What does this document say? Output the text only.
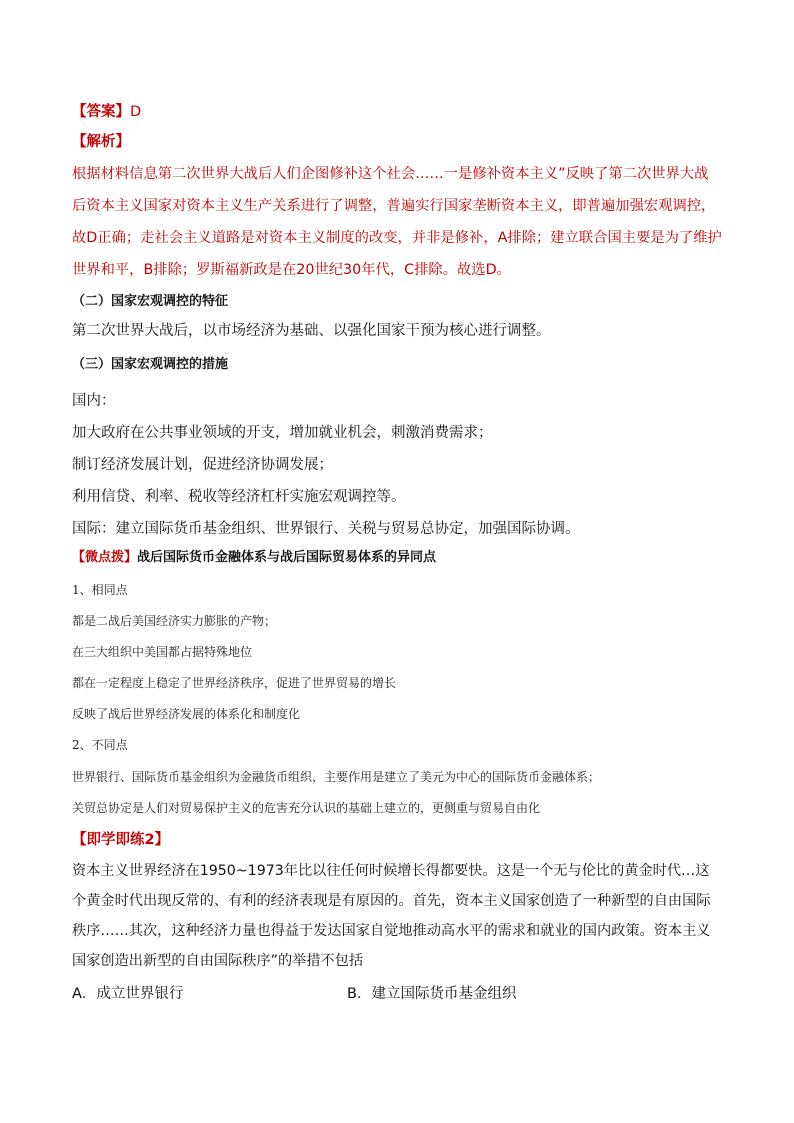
【答案】D

【解析】

根据材料信息第二次世界大战后人们企图修补这个社会……一是修补资本主义”反映了第二次世界大战后资本主义国家对资本主义生产关系进行了调整，普遍实行国家垄断资本主义，即普遍加强宏观调控，故D正确；走社会主义道路是对资本主义制度的改变，并非是修补，A排除；建立联合国主要是为了维护世界和平，B排除；罗斯福新政是在20世纪30年代，C排除。故选D。

（二）国家宏观调控的特征

第二次世界大战后，以市场经济为基础、以强化国家干预为核心进行调整。

（三）国家宏观调控的措施

国内：

加大政府在公共事业领域的开支，增加就业机会，刺激消费需求；

制订经济发展计划，促进经济协调发展；

利用信贷、利率、税收等经济杠杆实施宏观调控等。

国际：建立国际货币基金组织、世界银行、关税与贸易总协定，加强国际协调。

【微点拨】战后国际货币金融体系与战后国际贸易体系的异同点

1、相同点

都是二战后美国经济实力膨胀的产物；

在三大组织中美国都占据特殊地位

都在一定程度上稳定了世界经济秩序，促进了世界贸易的增长

反映了战后世界经济发展的体系化和制度化

2、不同点

世界银行、国际货币基金组织为金融货币组织，主要作用是建立了美元为中心的国际货币金融体系；

关贸总协定是人们对贸易保护主义的危害充分认识的基础上建立的，更侧重与贸易自由化

【即学即练2】

资本主义世界经济在1950~1973年比以往任何时候增长得都要快。这是一个无与伦比的黄金时代…这个黄金时代出现反常的、有利的经济表现是有原因的。首先，资本主义国家创造了一种新型的自由国际秩序……其次，这种经济力量也得益于发达国家自觉地推动高水平的需求和就业的国内政策。资本主义国家创造出新型的自由国际秩序”的举措不包括

A．成立世界银行	B．建立国际货币基金组织
